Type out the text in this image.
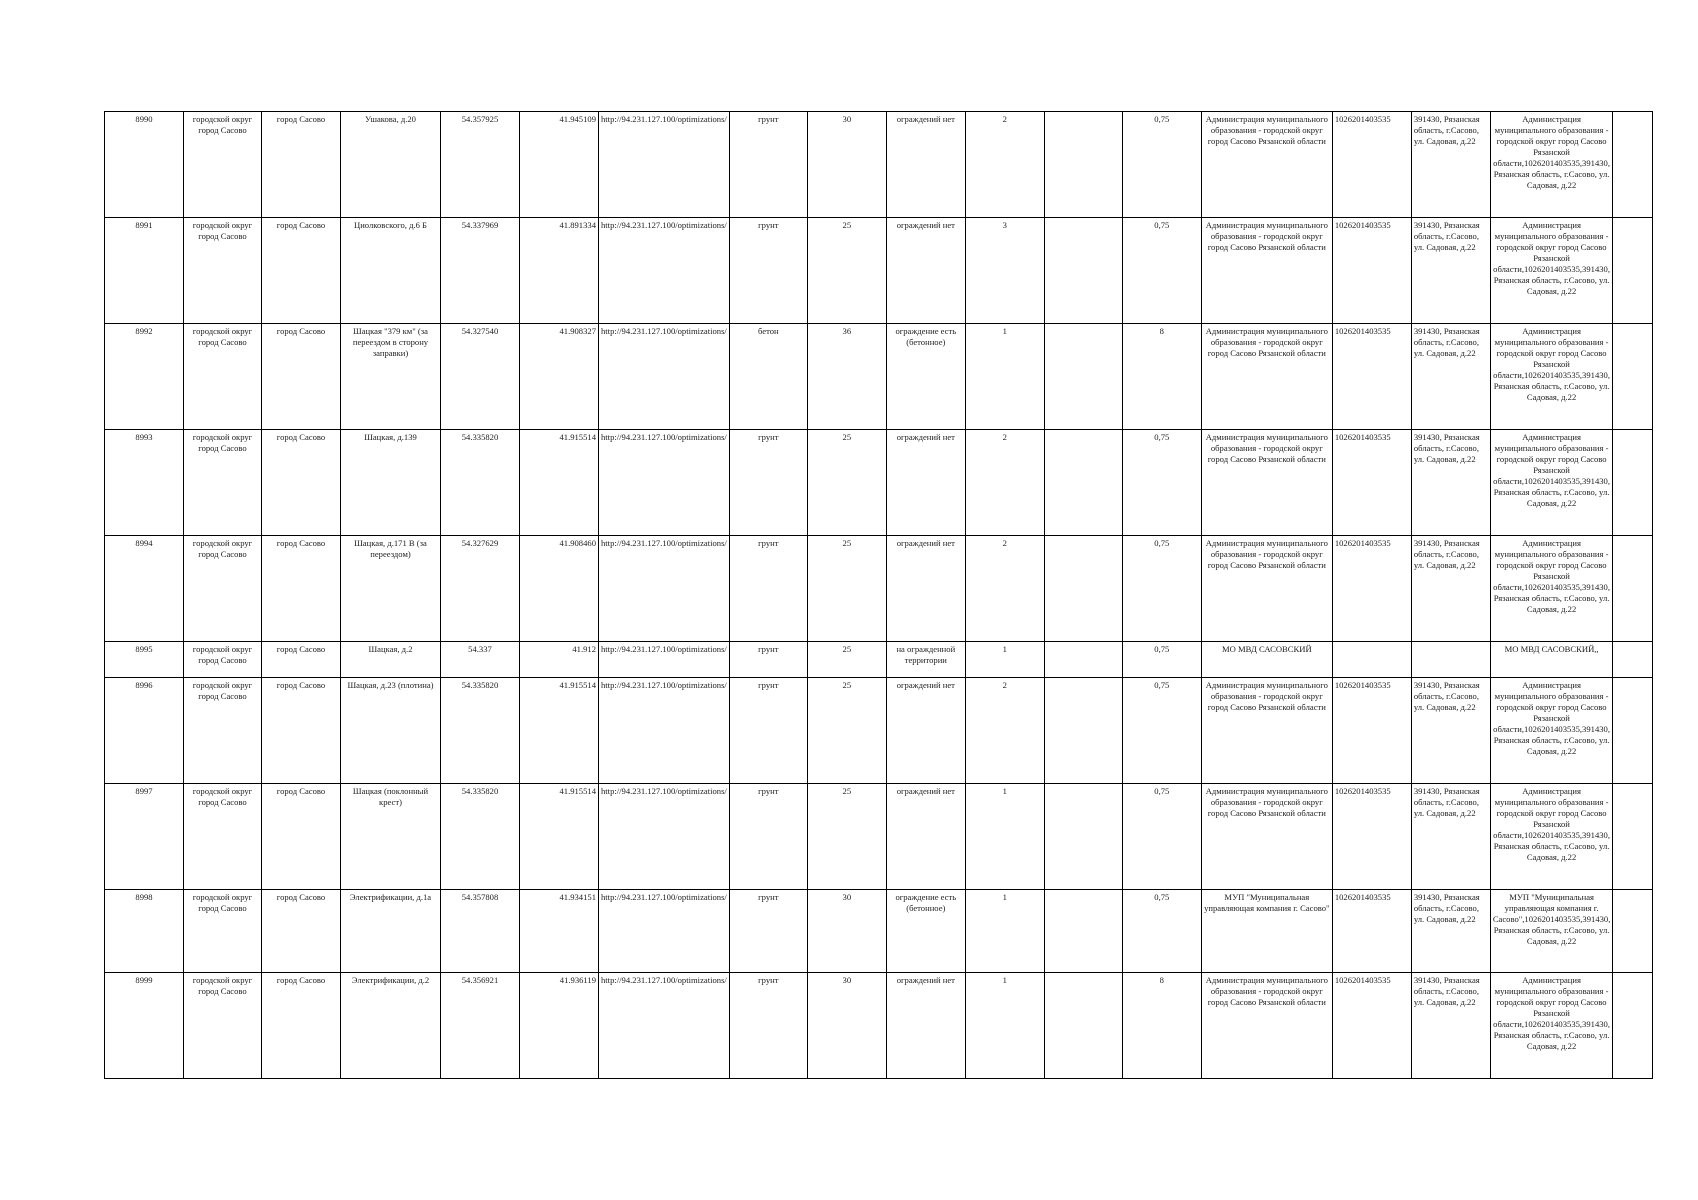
8990	городской округ город Сасово	город Сасово	Ушакова, д.20	54.357925	41.945109	http://94.231.127.100/optimizations/	грунт	30	ограждений нет	2		0,75	Администрация муниципального образования - городской округ город Сасово Рязанской области	1026201403535	391430, Рязанская область, г.Сасово, ул. Садовая, д.22	Администрация муниципального образования - городской округ город Сасово Рязанской области,1026201403535,391430, Рязанская область, г.Сасово, ул. Садовая, д.22	
8991	городской округ город Сасово	город Сасово	Циолковского, д.6 Б	54.337969	41.891334	http://94.231.127.100/optimizations/	грунт	25	ограждений нет	3		0,75	Администрация муниципального образования - городской округ город Сасово Рязанской области	1026201403535	391430, Рязанская область, г.Сасово, ул. Садовая, д.22	Администрация муниципального образования - городской округ город Сасово Рязанской области,1026201403535,391430, Рязанская область, г.Сасово, ул. Садовая, д.22	
8992	городской округ город Сасово	город Сасово	Шацкая "379 км" (за переездом в сторону заправки)	54.327540	41.908327	http://94.231.127.100/optimizations/	бетон	36	ограждение есть (бетонное)	1		8	Администрация муниципального образования - городской округ город Сасово Рязанской области	1026201403535	391430, Рязанская область, г.Сасово, ул. Садовая, д.22	Администрация муниципального образования - городской округ город Сасово Рязанской области,1026201403535,391430, Рязанская область, г.Сасово, ул. Садовая, д.22	
8993	городской округ город Сасово	город Сасово	Шацкая, д.139	54.335820	41.915514	http://94.231.127.100/optimizations/	грунт	25	ограждений нет	2		0,75	Администрация муниципального образования - городской округ город Сасово Рязанской области	1026201403535	391430, Рязанская область, г.Сасово, ул. Садовая, д.22	Администрация муниципального образования - городской округ город Сасово Рязанской области,1026201403535,391430, Рязанская область, г.Сасово, ул. Садовая, д.22	
8994	городской округ город Сасово	город Сасово	Шацкая, д.171 В (за переездом)	54.327629	41.908460	http://94.231.127.100/optimizations/	грунт	25	ограждений нет	2		0,75	Администрация муниципального образования - городской округ город Сасово Рязанской области	1026201403535	391430, Рязанская область, г.Сасово, ул. Садовая, д.22	Администрация муниципального образования - городской округ город Сасово Рязанской области,1026201403535,391430, Рязанская область, г.Сасово, ул. Садовая, д.22	
8995	городской округ город Сасово	город Сасово	Шацкая, д.2	54.337	41.912	http://94.231.127.100/optimizations/	грунт	25	на огражденной территории	1		0,75	МО МВД САСОВСКИЙ			МО МВД САСОВСКИЙ,,	
8996	городской округ город Сасово	город Сасово	Шацкая, д.23 (плотина)	54.335820	41.915514	http://94.231.127.100/optimizations/	грунт	25	ограждений нет	2		0,75	Администрация муниципального образования - городской округ город Сасово Рязанской области	1026201403535	391430, Рязанская область, г.Сасово, ул. Садовая, д.22	Администрация муниципального образования - городской округ город Сасово Рязанской области,1026201403535,391430, Рязанская область, г.Сасово, ул. Садовая, д.22	
8997	городской округ город Сасово	город Сасово	Шацкая (поклонный крест)	54.335820	41.915514	http://94.231.127.100/optimizations/	грунт	25	ограждений нет	1		0,75	Администрация муниципального образования - городской округ город Сасово Рязанской области	1026201403535	391430, Рязанская область, г.Сасово, ул. Садовая, д.22	Администрация муниципального образования - городской округ город Сасово Рязанской области,1026201403535,391430, Рязанская область, г.Сасово, ул. Садовая, д.22	
8998	городской округ город Сасово	город Сасово	Электрификации, д.1а	54.357808	41.934151	http://94.231.127.100/optimizations/	грунт	30	ограждение есть (бетонное)	1		0,75	МУП "Муниципальная управляющая компания г. Сасово"	1026201403535	391430, Рязанская область, г.Сасово, ул. Садовая, д.22	МУП "Муниципальная управляющая компания г. Сасово",1026201403535,391430, Рязанская область, г.Сасово, ул. Садовая, д.22	
8999	городской округ город Сасово	город Сасово	Электрификации, д.2	54.356921	41.936119	http://94.231.127.100/optimizations/	грунт	30	ограждений нет	1		8	Администрация муниципального образования - городской округ город Сасово Рязанской области	1026201403535	391430, Рязанская область, г.Сасово, ул. Садовая, д.22	Администрация муниципального образования - городской округ город Сасово Рязанской области,1026201403535,391430, Рязанская область, г.Сасово, ул. Садовая, д.22	
